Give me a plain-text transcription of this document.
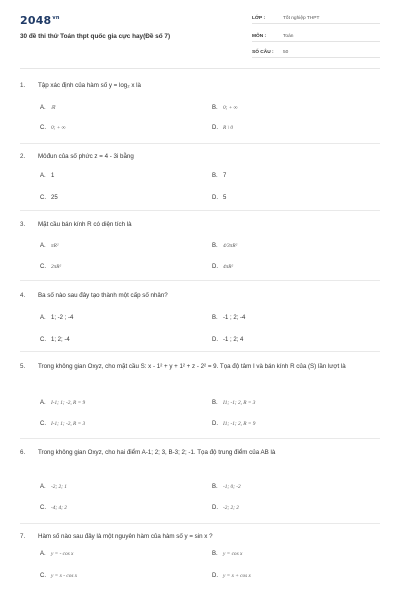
$2048^{vn}$
30 đề thi thử Toán thpt quốc gia cực hay(Đề số 7)
LỚP :	Tốt nghiệp THPT
MÔN :	Toán
SỐ CÂU : 50
1. Tập xác định của hàm số y = log₂ x là
A. ℝ	B. 0; + ∞
C. 0; + ∞	D. R \ 0
2. Môđun của số phức z = 4 - 3i bằng
A. 1	B. 7
C. 25	D. 5
3. Mặt cầu bán kính R có diện tích là
A. πR²	B. 4/3πR²
C. 2πR²	D. 4πR²
4. Ba số nào sau đây tạo thành một cấp số nhân?
A. 1; -2 ; -4	B. -1 ; 2; -4
C. 1; 2; -4	D. -1 ; 2; 4
5. Trong không gian Oxyz, cho mặt cầu S: x - 1² + y + 1² + z - 2² = 9. Tọa độ tâm I và bán kính R của (S) lần lượt là
A. I-1; 1; -2, R = 9	B. I1; -1; 2, R = 3
C. I-1; 1; -2, R = 3	D. I1; -1; 2, R = 9
6. Trong không gian Oxyz, cho hai điểm A-1; 2; 3, B-3; 2; -1. Tọa độ trung điểm của AB là
A. -2; 2; 1	B. -1; 0; -2
C. -4; 4; 2	D. -2; 2; 2
7. Hàm số nào sau đây là một nguyên hàm của hàm số y = sin x ?
A. y = - cos x	B. y = cos x
C. y = x - cos x	D. y = x + cos x
